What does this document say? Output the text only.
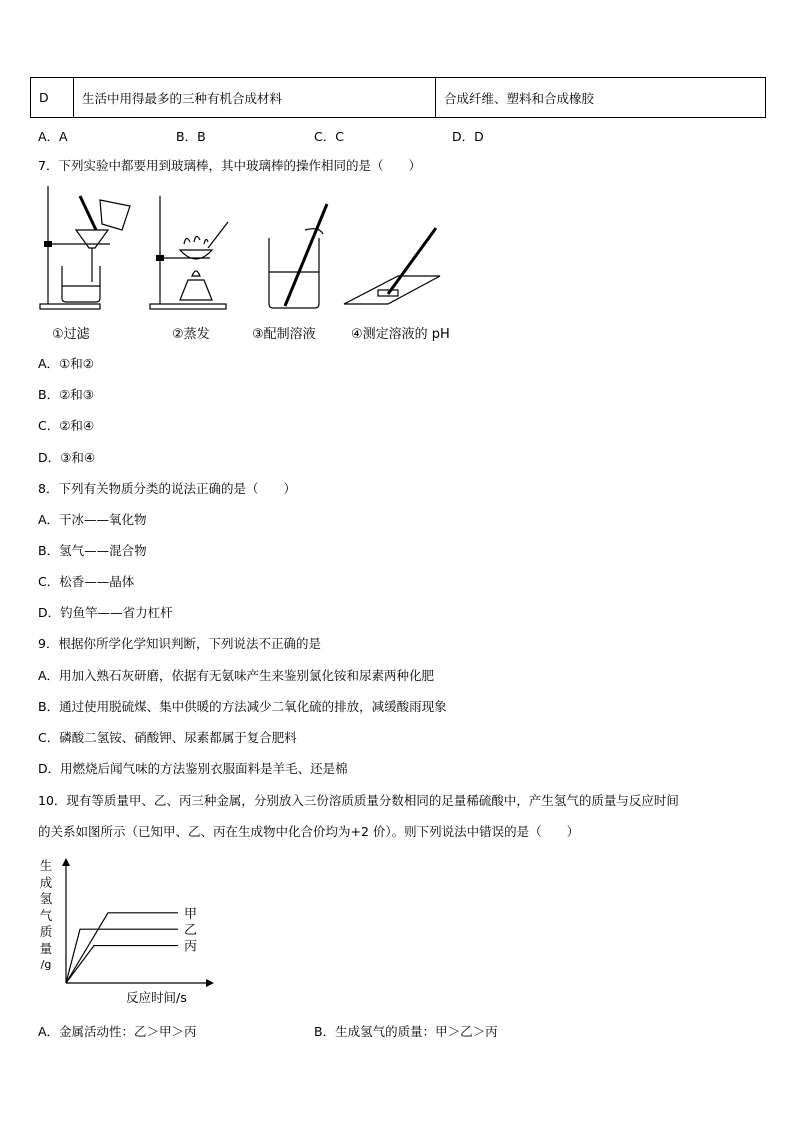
D	生活中用得最多的三种有机合成材料	合成纤维、塑料和合成橡胶
A．A	B．B	C．C	D．D
7．下列实验中都要用到玻璃棒，其中玻璃棒的操作相同的是（　　）
①过滤	②蒸发	③配制溶液	④测定溶液的 pH
A．①和②
B．②和③
C．②和④
D．③和④
8．下列有关物质分类的说法正确的是（　　）
A．干冰——氧化物
B．氢气——混合物
C．松香——晶体
D．钓鱼竿——省力杠杆
9．根据你所学化学知识判断，下列说法不正确的是
A．用加入熟石灰研磨，依据有无氨味产生来鉴别氯化铵和尿素两种化肥
B．通过使用脱硫煤、集中供暖的方法减少二氧化硫的排放，减缓酸雨现象
C．磷酸二氢铵、硝酸钾、尿素都属于复合肥料
D．用燃烧后闻气味的方法鉴别衣服面料是羊毛、还是棉
10．现有等质量甲、乙、丙三种金属，分别放入三份溶质质量分数相同的足量稀硫酸中，产生氢气的质量与反应时间
的关系如图所示（已知甲、乙、丙在生成物中化合价均为+2 价）。则下列说法中错误的是（　　）
生
成
氢
气
质
量
/g
甲
乙
丙
反应时间/s
A．金属活动性：乙＞甲＞丙	B．生成氢气的质量：甲＞乙＞丙
